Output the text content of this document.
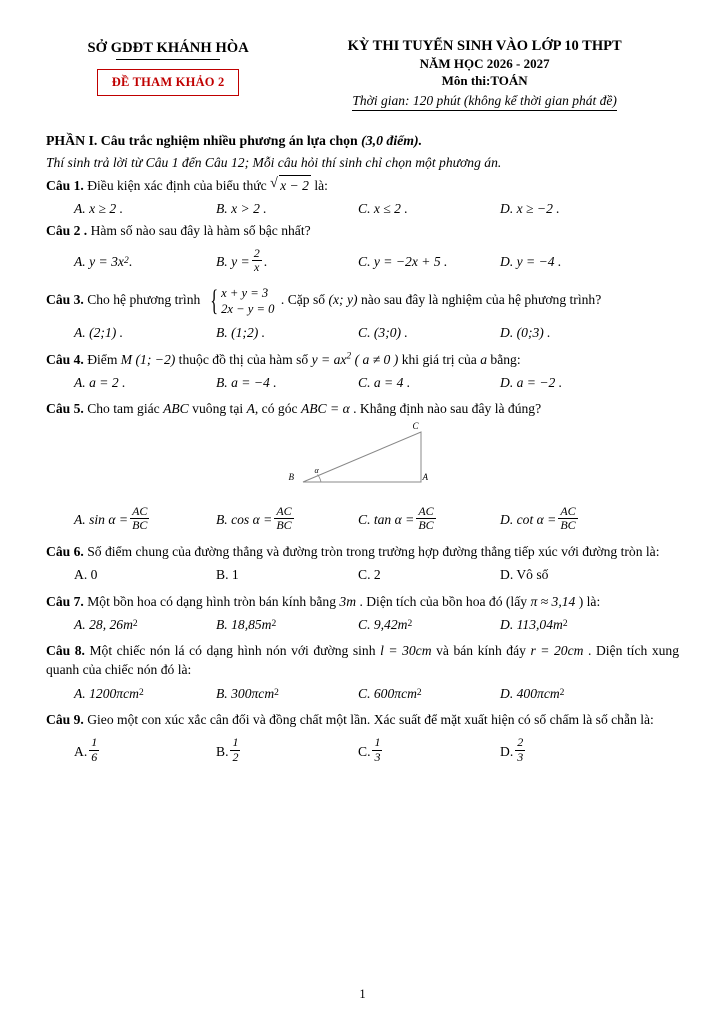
SỞ GDĐT KHÁNH HÒA
ĐỀ THAM KHẢO 2
KỲ THI TUYỂN SINH VÀO LỚP 10 THPT
NĂM HỌC 2026 - 2027
Môn thi:TOÁN
Thời gian: 120 phút (không kể thời gian phát đề)
PHẦN I. Câu trắc nghiệm nhiều phương án lựa chọn (3,0 điểm).
Thí sinh trả lời từ Câu 1 đến Câu 12; Mỗi câu hỏi thí sinh chỉ chọn một phương án.
Câu 1. Điều kiện xác định của biểu thức √ x − 2 là:
A. x ≥ 2 .	B. x > 2 .	C. x ≤ 2 .	D. x ≥ −2 .
Câu 2 . Hàm số nào sau đây là hàm số bậc nhất?
A. y = 3x 2 .	B. $y = \frac{2}{x}$ .	C. y = −2x + 5 .	D. y = −4 .
Câu 3. Cho hệ phương trình { x + y = 3
2x − y = 0
. Cặp số (x; y) nào sau đây là nghiệm của hệ phương trình?
A. (2;1) .	B. (1;2) .	C. (3;0) .	D. (0;3) .
Câu 4. Điểm M (1; −2) thuộc đồ thị của hàm số $y = ax^2$ ( a ≠ 0 ) khi giá trị của a bằng:
A. a = 2 .	B. a = −4 .	C. a = 4 .	D. a = −2 .
Câu 5. Cho tam giác ABC vuông tại A, có góc ABC = α . Khẳng định nào sau đây là đúng?
C
B	A
α
A. $\sin \alpha = \frac{AC}{BC}$	B. $\cos \alpha = \frac{AC}{BC}$	C. $\tan \alpha = \frac{AC}{BC}$	D. $\cot \alpha = \frac{AC}{BC}$
Câu 6. Số điểm chung của đường thẳng và đường tròn trong trường hợp đường thẳng tiếp xúc với đường tròn là:
A. 0	B. 1	C. 2	D. Vô số
Câu 7. Một bồn hoa có dạng hình tròn bán kính bằng 3m . Diện tích của bồn hoa đó (lấy π ≈ 3,14 ) là:
A. 28, 26m 2	B. 18,85m 2	C. 9,42m 2	D. 113,04m 2
Câu 8. Một chiếc nón lá có dạng hình nón với đường sinh l = 30cm và bán kính đáy r = 20cm . Diện tích xung quanh của chiếc nón đó là:
A. 1200πcm 2	B. 300πcm 2	C. 600πcm 2	D. 400πcm 2
Câu 9. Gieo một con xúc xắc cân đối và đồng chất một lần. Xác suất để mặt xuất hiện có số chấm là số chẵn là:
A. $\frac{1}{6}$	B. $\frac{1}{2}$	C. $\frac{1}{3}$	D. $\frac{2}{3}$
1
